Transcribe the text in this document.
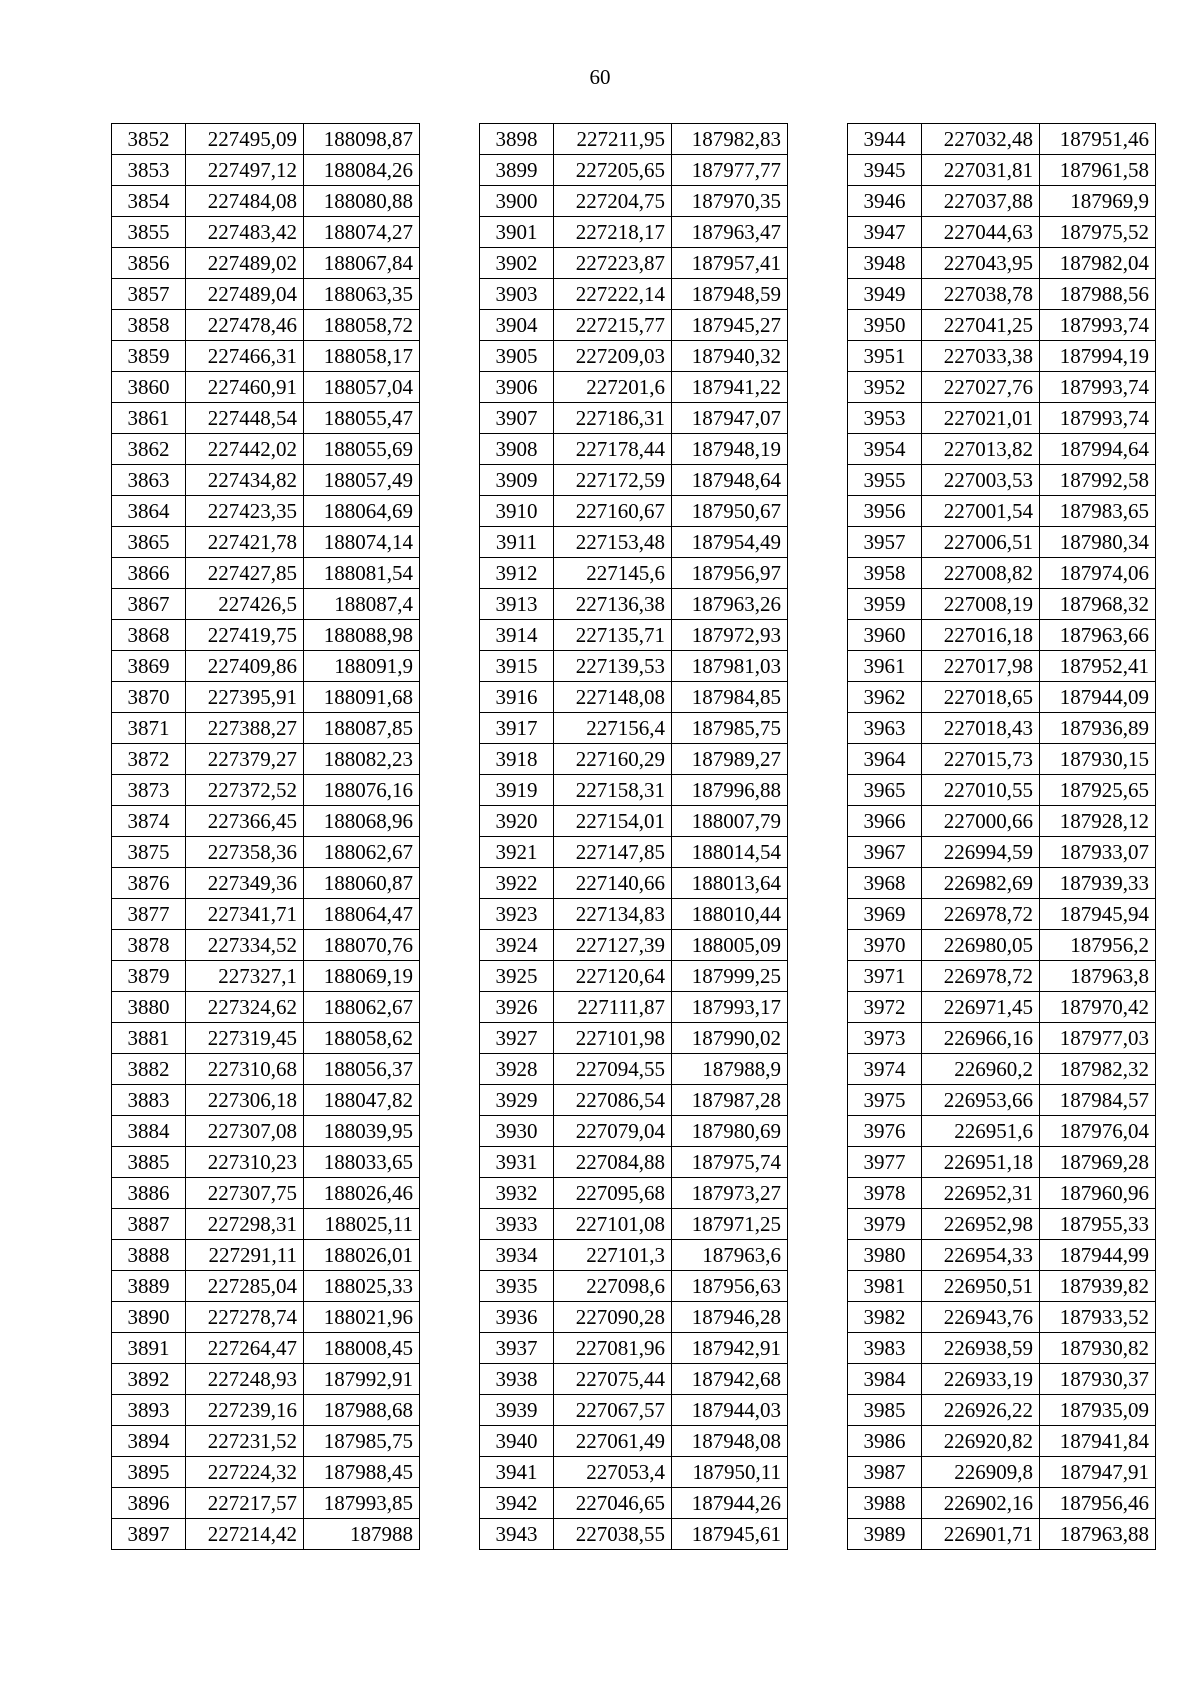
60
3852	227495,09	188098,87
3853	227497,12	188084,26
3854	227484,08	188080,88
3855	227483,42	188074,27
3856	227489,02	188067,84
3857	227489,04	188063,35
3858	227478,46	188058,72
3859	227466,31	188058,17
3860	227460,91	188057,04
3861	227448,54	188055,47
3862	227442,02	188055,69
3863	227434,82	188057,49
3864	227423,35	188064,69
3865	227421,78	188074,14
3866	227427,85	188081,54
3867	227426,5	188087,4
3868	227419,75	188088,98
3869	227409,86	188091,9
3870	227395,91	188091,68
3871	227388,27	188087,85
3872	227379,27	188082,23
3873	227372,52	188076,16
3874	227366,45	188068,96
3875	227358,36	188062,67
3876	227349,36	188060,87
3877	227341,71	188064,47
3878	227334,52	188070,76
3879	227327,1	188069,19
3880	227324,62	188062,67
3881	227319,45	188058,62
3882	227310,68	188056,37
3883	227306,18	188047,82
3884	227307,08	188039,95
3885	227310,23	188033,65
3886	227307,75	188026,46
3887	227298,31	188025,11
3888	227291,11	188026,01
3889	227285,04	188025,33
3890	227278,74	188021,96
3891	227264,47	188008,45
3892	227248,93	187992,91
3893	227239,16	187988,68
3894	227231,52	187985,75
3895	227224,32	187988,45
3896	227217,57	187993,85
3897	227214,42	187988
3898	227211,95	187982,83
3899	227205,65	187977,77
3900	227204,75	187970,35
3901	227218,17	187963,47
3902	227223,87	187957,41
3903	227222,14	187948,59
3904	227215,77	187945,27
3905	227209,03	187940,32
3906	227201,6	187941,22
3907	227186,31	187947,07
3908	227178,44	187948,19
3909	227172,59	187948,64
3910	227160,67	187950,67
3911	227153,48	187954,49
3912	227145,6	187956,97
3913	227136,38	187963,26
3914	227135,71	187972,93
3915	227139,53	187981,03
3916	227148,08	187984,85
3917	227156,4	187985,75
3918	227160,29	187989,27
3919	227158,31	187996,88
3920	227154,01	188007,79
3921	227147,85	188014,54
3922	227140,66	188013,64
3923	227134,83	188010,44
3924	227127,39	188005,09
3925	227120,64	187999,25
3926	227111,87	187993,17
3927	227101,98	187990,02
3928	227094,55	187988,9
3929	227086,54	187987,28
3930	227079,04	187980,69
3931	227084,88	187975,74
3932	227095,68	187973,27
3933	227101,08	187971,25
3934	227101,3	187963,6
3935	227098,6	187956,63
3936	227090,28	187946,28
3937	227081,96	187942,91
3938	227075,44	187942,68
3939	227067,57	187944,03
3940	227061,49	187948,08
3941	227053,4	187950,11
3942	227046,65	187944,26
3943	227038,55	187945,61
3944	227032,48	187951,46
3945	227031,81	187961,58
3946	227037,88	187969,9
3947	227044,63	187975,52
3948	227043,95	187982,04
3949	227038,78	187988,56
3950	227041,25	187993,74
3951	227033,38	187994,19
3952	227027,76	187993,74
3953	227021,01	187993,74
3954	227013,82	187994,64
3955	227003,53	187992,58
3956	227001,54	187983,65
3957	227006,51	187980,34
3958	227008,82	187974,06
3959	227008,19	187968,32
3960	227016,18	187963,66
3961	227017,98	187952,41
3962	227018,65	187944,09
3963	227018,43	187936,89
3964	227015,73	187930,15
3965	227010,55	187925,65
3966	227000,66	187928,12
3967	226994,59	187933,07
3968	226982,69	187939,33
3969	226978,72	187945,94
3970	226980,05	187956,2
3971	226978,72	187963,8
3972	226971,45	187970,42
3973	226966,16	187977,03
3974	226960,2	187982,32
3975	226953,66	187984,57
3976	226951,6	187976,04
3977	226951,18	187969,28
3978	226952,31	187960,96
3979	226952,98	187955,33
3980	226954,33	187944,99
3981	226950,51	187939,82
3982	226943,76	187933,52
3983	226938,59	187930,82
3984	226933,19	187930,37
3985	226926,22	187935,09
3986	226920,82	187941,84
3987	226909,8	187947,91
3988	226902,16	187956,46
3989	226901,71	187963,88
